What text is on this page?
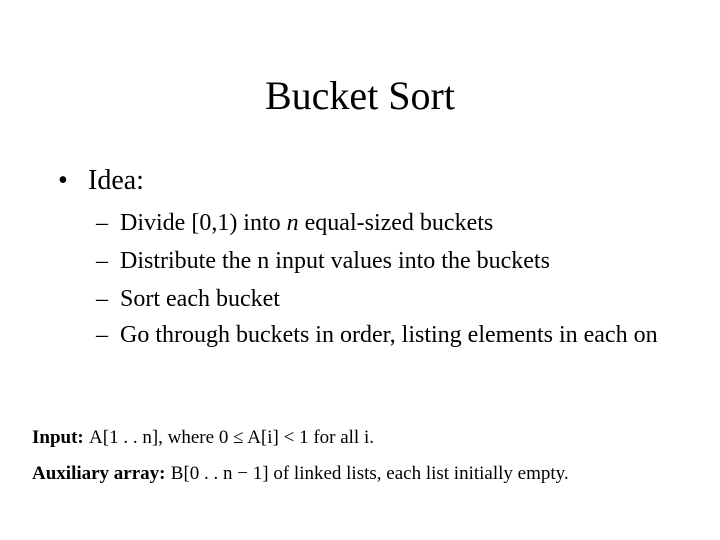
Bucket Sort
• Idea:
– Divide [0,1) into n equal-sized buckets
– Distribute the n input values into the buckets
– Sort each bucket
– Go through buckets in order, listing elements in each on
Input: A[1 . . n], where 0 ≤ A[i] < 1 for all i.
Auxiliary array: B[0 . . n − 1] of linked lists, each list initially empty.
